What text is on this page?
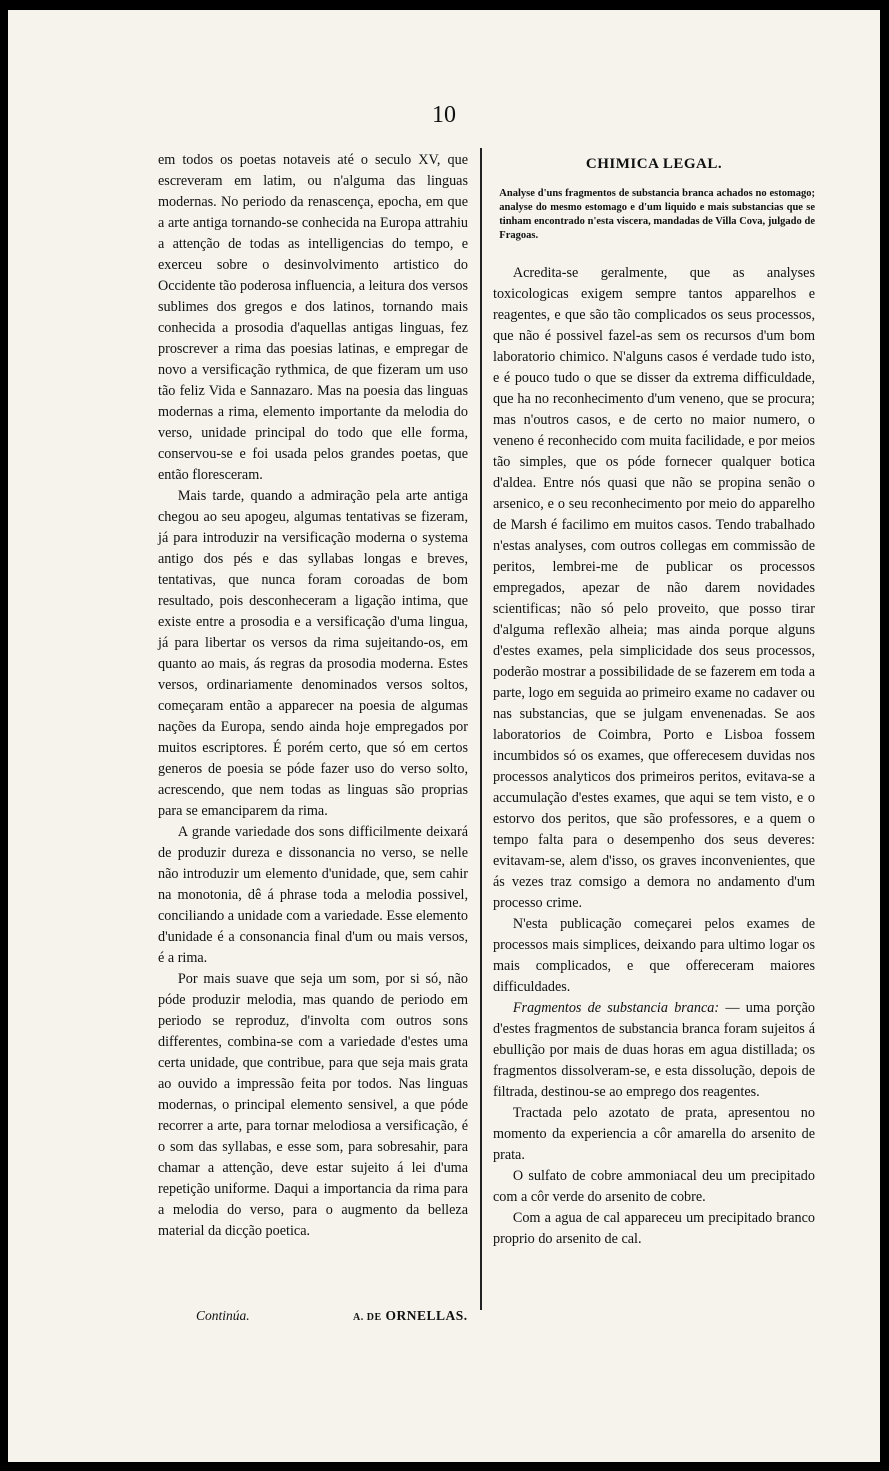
10

em todos os poetas notaveis até o seculo XV, que escreveram em latim, ou n'alguma das linguas modernas. No periodo da renascença, epocha, em que a arte antiga tornando-se conhecida na Europa attrahiu a attenção de todas as intelligencias do tempo, e exerceu sobre o desinvolvimento artistico do Occidente tão poderosa influencia, a leitura dos versos sublimes dos gregos e dos latinos, tornando mais conhecida a prosodia d'aquellas antigas linguas, fez proscrever a rima das poesias latinas, e empregar de novo a versificação rythmica, de que fizeram um uso tão feliz Vida e Sannazaro. Mas na poesia das linguas modernas a rima, elemento importante da melodia do verso, unidade principal do todo que elle forma, conservou-se e foi usada pelos grandes poetas, que então floresceram.

Mais tarde, quando a admiração pela arte antiga chegou ao seu apogeu, algumas tentativas se fizeram, já para introduzir na versificação moderna o systema antigo dos pés e das syllabas longas e breves, tentativas, que nunca foram coroadas de bom resultado, pois desconheceram a ligação intima, que existe entre a prosodia e a versificação d'uma lingua, já para libertar os versos da rima sujeitando-os, em quanto ao mais, ás regras da prosodia moderna. Estes versos, ordinariamente denominados versos soltos, começaram então a apparecer na poesia de algumas nações da Europa, sendo ainda hoje empregados por muitos escriptores. É porém certo, que só em certos generos de poesia se póde fazer uso do verso solto, acrescendo, que nem todas as linguas são proprias para se emanciparem da rima.

A grande variedade dos sons difficilmente deixará de produzir dureza e dissonancia no verso, se nelle não introduzir um elemento d'unidade, que, sem cahir na monotonia, dê á phrase toda a melodia possivel, conciliando a unidade com a variedade. Esse elemento d'unidade é a consonancia final d'um ou mais versos, é a rima.

Por mais suave que seja um som, por si só, não póde produzir melodia, mas quando de periodo em periodo se reproduz, d'involta com outros sons differentes, combina-se com a variedade d'estes uma certa unidade, que contribue, para que seja mais grata ao ouvido a impressão feita por todos. Nas linguas modernas, o principal elemento sensivel, a que póde recorrer a arte, para tornar melodiosa a versificação, é o som das syllabas, e esse som, para sobresahir, para chamar a attenção, deve estar sujeito á lei d'uma repetição uniforme. Daqui a importancia da rima para a melodia do verso, para o augmento da belleza material da dicção poetica.

CHIMICA LEGAL.

Analyse d'uns fragmentos de substancia branca achados no estomago; analyse do mesmo estomago e d'um liquido e mais substancias que se tinham encontrado n'esta viscera, mandadas de Villa Cova, julgado de Fragoas.

Acredita-se geralmente, que as analyses toxicologicas exigem sempre tantos apparelhos e reagentes, e que são tão complicados os seus processos, que não é possivel fazel-as sem os recursos d'um bom laboratorio chimico. N'alguns casos é verdade tudo isto, e é pouco tudo o que se disser da extrema difficuldade, que ha no reconhecimento d'um veneno, que se procura; mas n'outros casos, e de certo no maior numero, o veneno é reconhecido com muita facilidade, e por meios tão simples, que os póde fornecer qualquer botica d'aldea. Entre nós quasi que não se propina senão o arsenico, e o seu reconhecimento por meio do apparelho de Marsh é facilimo em muitos casos. Tendo trabalhado n'estas analyses, com outros collegas em commissão de peritos, lembrei-me de publicar os processos empregados, apezar de não darem novidades scientificas; não só pelo proveito, que posso tirar d'alguma reflexão alheia; mas ainda porque alguns d'estes exames, pela simplicidade dos seus processos, poderão mostrar a possibilidade de se fazerem em toda a parte, logo em seguida ao primeiro exame no cadaver ou nas substancias, que se julgam envenenadas. Se aos laboratorios de Coimbra, Porto e Lisboa fossem incumbidos só os exames, que offerecesem duvidas nos processos analyticos dos primeiros peritos, evitava-se a accumulação d'estes exames, que aqui se tem visto, e o estorvo dos peritos, que são professores, e a quem o tempo falta para o desempenho dos seus deveres: evitavam-se, alem d'isso, os graves inconvenientes, que ás vezes traz comsigo a demora no andamento d'um processo crime.

N'esta publicação começarei pelos exames de processos mais simplices, deixando para ultimo logar os mais complicados, e que offereceram maiores difficuldades.

Fragmentos de substancia branca: — uma porção d'estes fragmentos de substancia branca foram sujeitos á ebullição por mais de duas horas em agua distillada; os fragmentos dissolveram-se, e esta dissolução, depois de filtrada, destinou-se ao emprego dos reagentes.

Tractada pelo azotato de prata, apresentou no momento da experiencia a côr amarella do arsenito de prata.

O sulfato de cobre ammoniacal deu um precipitado com a côr verde do arsenito de cobre.

Com a agua de cal appareceu um precipitado branco proprio do arsenito de cal.

Continúa.	A. DE ORNELLAS.
